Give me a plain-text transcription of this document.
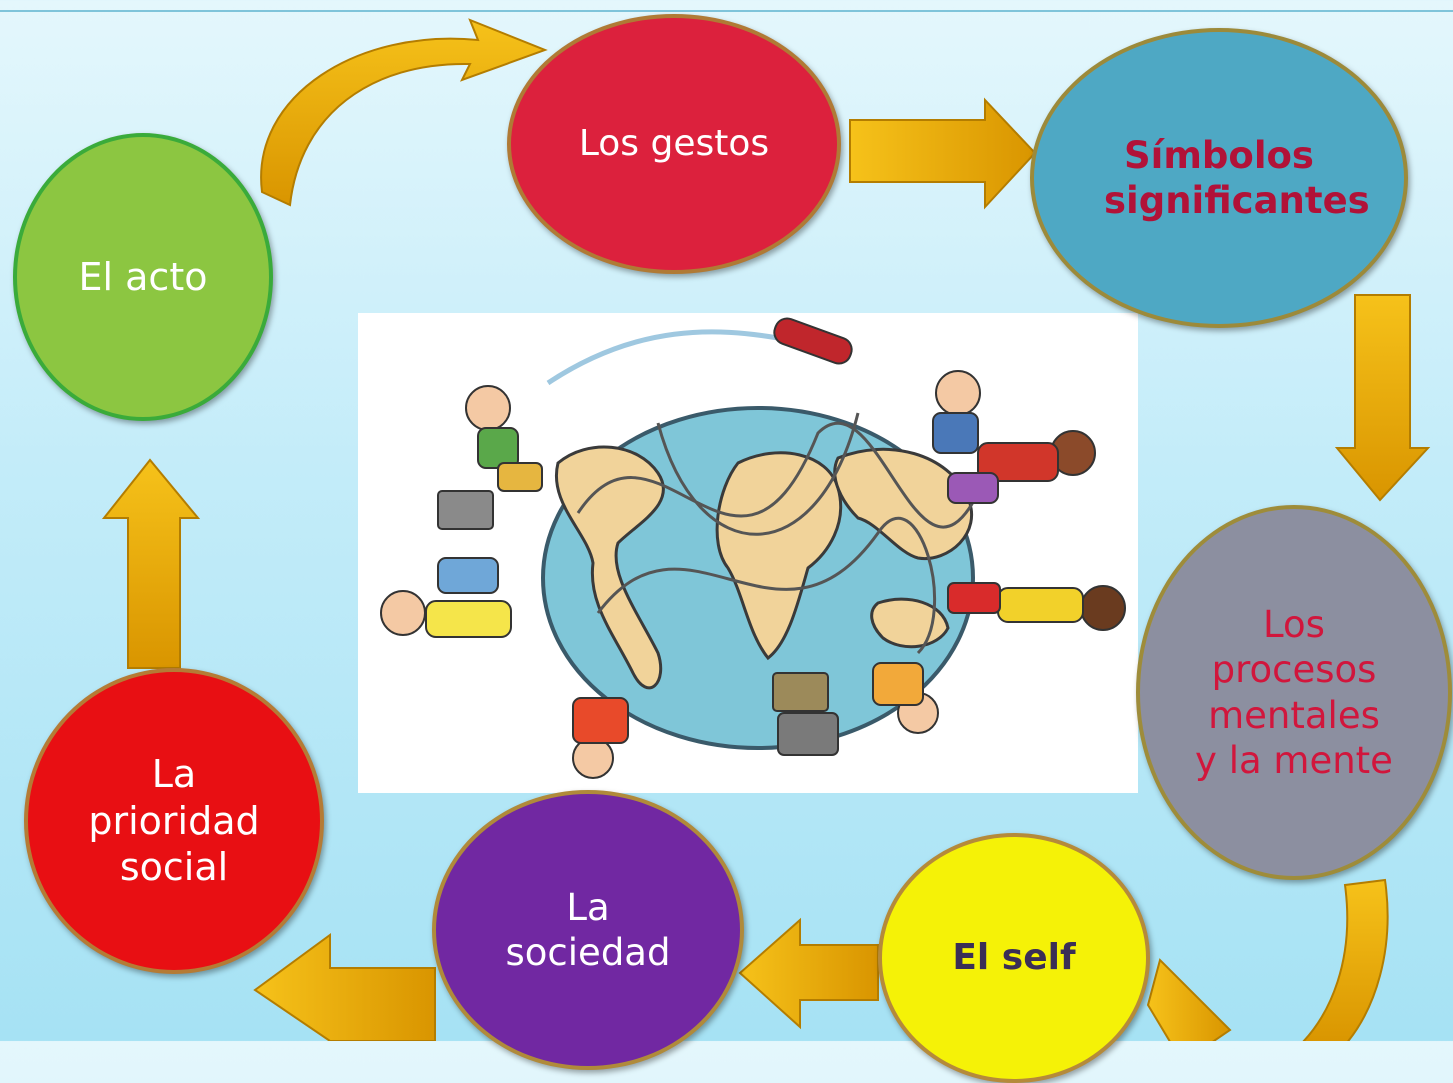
El acto
Los gestos	Símbolos significantes
Los procesos mentales y la mente
El self
La sociedad
La prioridad social
